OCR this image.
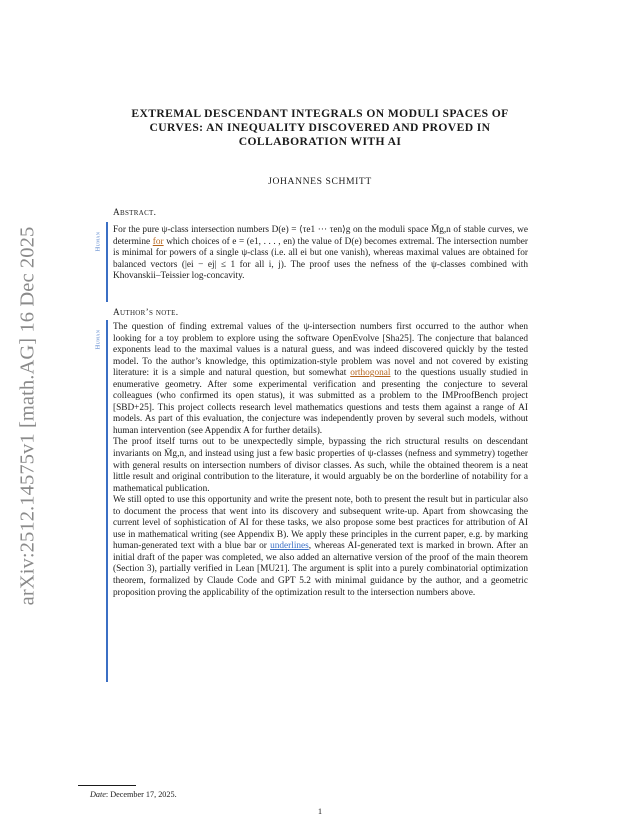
arXiv:2512.14575v1 [math.AG] 16 Dec 2025
EXTREMAL DESCENDANT INTEGRALS ON MODULI SPACES OF
CURVES: AN INEQUALITY DISCOVERED AND PROVED IN
COLLABORATION WITH AI
JOHANNES SCHMITT
Abstract.
Human

For the pure ψ-class intersection numbers D(e) = ⟨τe1 ··· τen⟩g on the moduli space M̄g,n of stable curves, we determine for which choices of e = (e1, . . . , en) the value of D(e) becomes extremal. The intersection number is minimal for powers of a single ψ-class (i.e. all ei but one vanish), whereas maximal values are obtained for balanced vectors (|ei − ej| ≤ 1 for all i, j). The proof uses the nefness of the ψ-classes combined with Khovanskii–Teissier log-concavity.

Author’s note.
Human

The question of finding extremal values of the ψ-intersection numbers first occurred to the author when looking for a toy problem to explore using the software OpenEvolve [Sha25]. The conjecture that balanced exponents lead to the maximal values is a natural guess, and was indeed discovered quickly by the tested model. To the author’s knowledge, this optimization-style problem was novel and not covered by existing literature: it is a simple and natural question, but somewhat orthogonal to the questions usually studied in enumerative geometry. After some experimental verification and presenting the conjecture to several colleagues (who confirmed its open status), it was submitted as a problem to the IMProofBench project [SBD+25]. This project collects research level mathematics questions and tests them against a range of AI models. As part of this evaluation, the conjecture was independently proven by several such models, without human intervention (see Appendix A for further details).

The proof itself turns out to be unexpectedly simple, bypassing the rich structural results on descendant invariants on M̄g,n, and instead using just a few basic properties of ψ-classes (nefness and symmetry) together with general results on intersection numbers of divisor classes. As such, while the obtained theorem is a neat little result and original contribution to the literature, it would arguably be on the borderline of notability for a mathematical publication.

We still opted to use this opportunity and write the present note, both to present the result but in particular also to document the process that went into its discovery and subsequent write-up. Apart from showcasing the current level of sophistication of AI for these tasks, we also propose some best practices for attribution of AI use in mathematical writing (see Appendix B). We apply these principles in the current paper, e.g. by marking human-generated text with a blue bar or underlines, whereas AI-generated text is marked in brown. After an initial draft of the paper was completed, we also added an alternative version of the proof of the main theorem (Section 3), partially verified in Lean [MU21]. The argument is split into a purely combinatorial optimization theorem, formalized by Claude Code and GPT 5.2 with minimal guidance by the author, and a geometric proposition proving the applicability of the optimization result to the intersection numbers above.

Date: December 17, 2025.
1
